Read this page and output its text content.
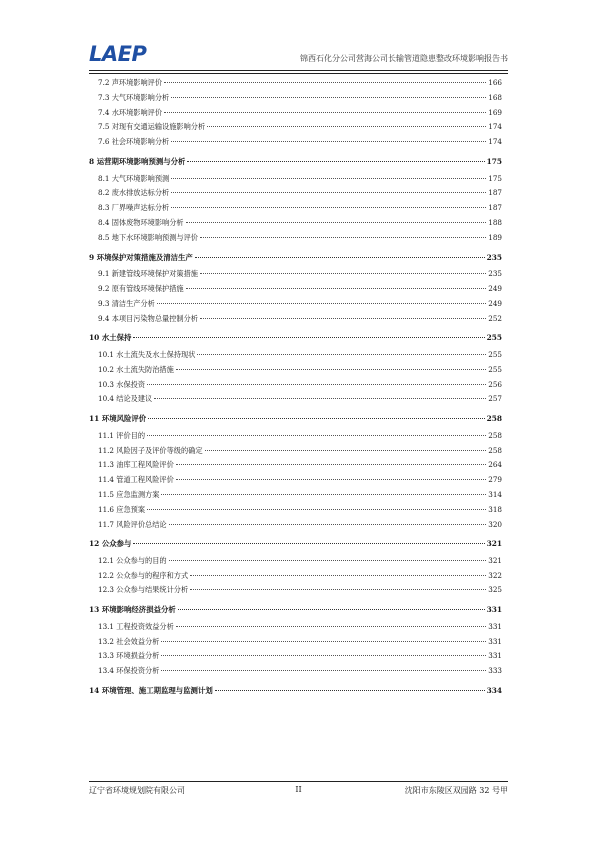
LAEP	锦西石化分公司营海公司长输管道隐患整改环境影响报告书
7.2 声环境影响评价	166
7.3 大气环境影响分析	168
7.4 水环境影响评价	169
7.5 对现有交通运输设施影响分析	174
7.6 社会环境影响分析	174
8 运营期环境影响预测与分析	175
8.1 大气环境影响预测	175
8.2 废水排放达标分析	187
8.3 厂界噪声达标分析	187
8.4 固体废物环境影响分析	188
8.5 地下水环境影响预测与评价	189
9 环境保护对策措施及清洁生产	235
9.1 新建管线环境保护对策措施	235
9.2 原有管线环境保护措施	249
9.3 清洁生产分析	249
9.4 本项目污染物总量控制分析	252
10 水土保持	255
10.1 水土流失及水土保持现状	255
10.2 水土流失防治措施	255
10.3 水保投资	256
10.4 结论及建议	257
11 环境风险评价	258
11.1 评价目的	258
11.2 风险因子及评价等级的确定	258
11.3 油库工程风险评价	264
11.4 管道工程风险评价	279
11.5 应急监测方案	314
11.6 应急预案	318
11.7 风险评价总结论	320
12 公众参与	321
12.1 公众参与的目的	321
12.2 公众参与的程序和方式	322
12.3 公众参与结果统计分析	325
13 环境影响经济损益分析	331
13.1 工程投资效益分析	331
13.2 社会效益分析	331
13.3 环境损益分析	331
13.4 环保投资分析	333
14 环境管理、施工期监理与监测计划	334
辽宁省环境规划院有限公司	II	沈阳市东陵区双园路 32 号甲
